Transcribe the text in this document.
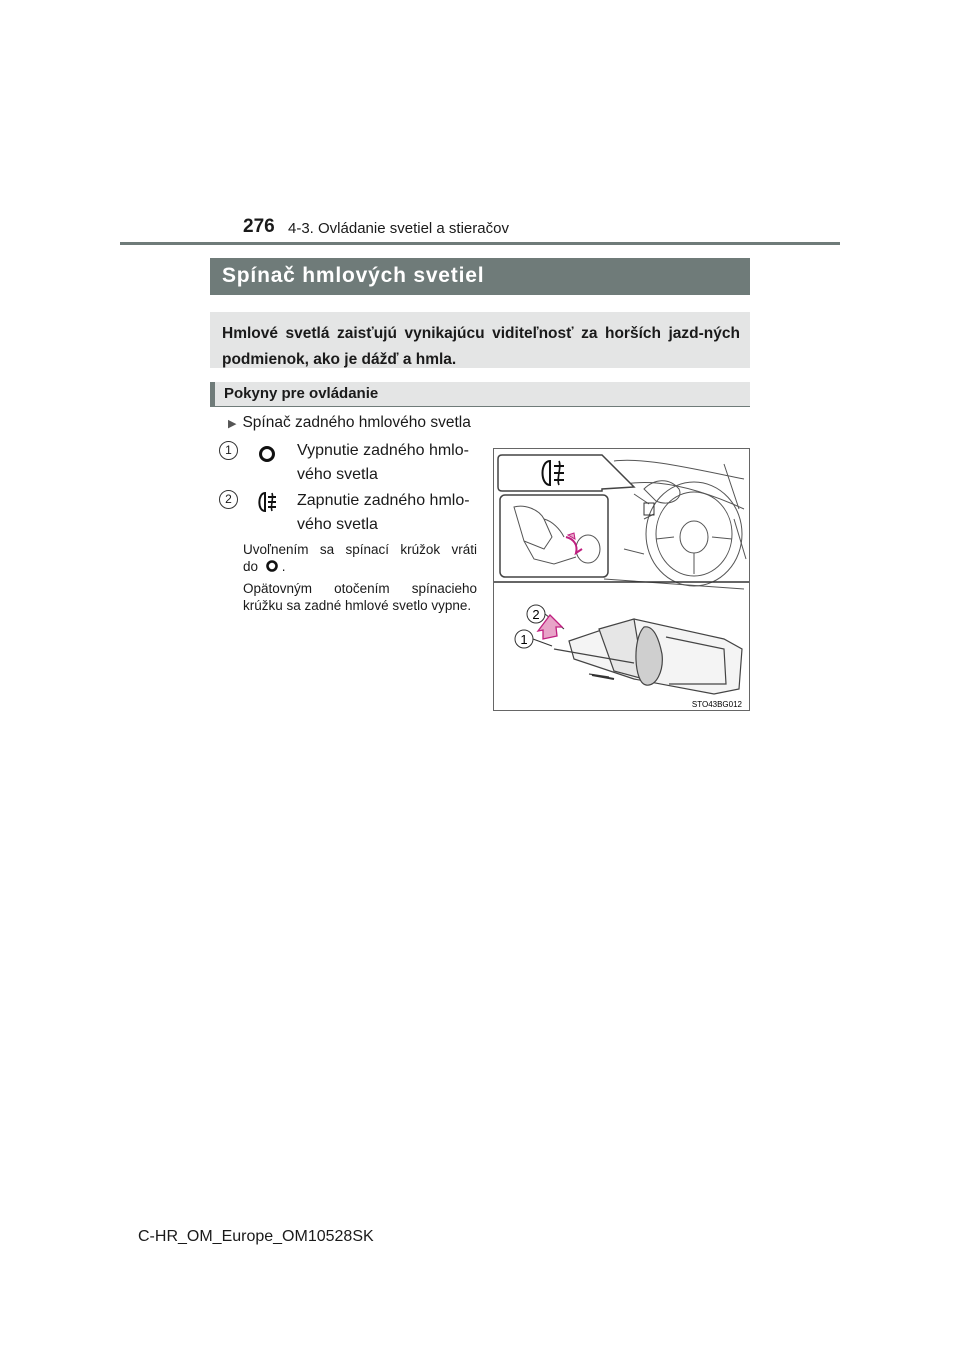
276 4-3. Ovládanie svetiel a stieračov
Spínač hmlových svetiel
Hmlové svetlá zaisťujú vynikajúcu viditeľnosť za horších jazd-ných podmienok, ako je dážď a hmla.
Pokyny pre ovládanie
▶ Spínač zadného hmlového svetla
1	Vypnutie zadného hmlo-
vého svetla
2	Zapnutie zadného hmlo-
vého svetla
Uvoľnením sa spínací krúžok vráti
do .
Opätovným otočením spínacieho krúžku sa zadné hmlové svetlo vypne.
2
1
STO43BG012
C-HR_OM_Europe_OM10528SK
